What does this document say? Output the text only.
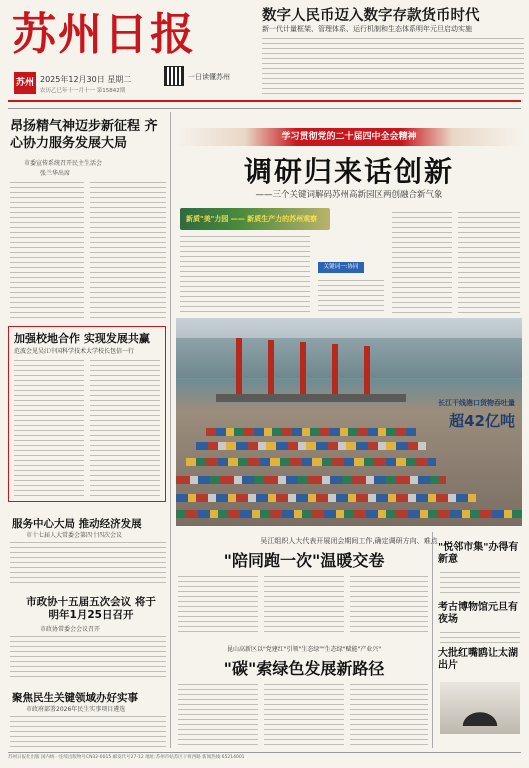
苏州日报
苏州 2025年12月30日 星期二
农历乙巳年十一月十一 第15842期
一日读懂苏州
数字人民币迈入数字存款货币时代
新一代计量框架、管理体系、运行机制和生态体系明年元旦启动实施
昂扬精气神迈步新征程 齐心协力服务发展大局
市委宣传系统召开民主生活会
张兰华出席
加强校地合作 实现发展共赢
范波会见吴江中国科学技术大学校长包信一行
服务中心大局 推动经济发展
市十七届人大常委会第四十四次会议
市政协十五届五次会议 将于明年1月25日召开
市政协常委会会议召开
聚焦民生关键领域办好实事
市政府部署2026年民生实事项目遴选
学习贯彻党的二十届四中全会精神
调研归来话创新
——三个关键词解码苏州高新园区两创融合新气象
新质"美"力园 —— 新质生产力的苏州观察
关键词一:协同
长江干线港口货物吞吐量
超42亿吨
吴江组织人大代表开展闭会期间工作,确定调研方向、难点
"陪同跑一次"温暖交卷
昆山高新区以"党建红"引领"生态绿""生态绿"赋能"产业兴"
"碳"索绿色发展新路径
"悦邻市集"办得有新意
考古博物馆元旦有夜场
大批红嘴鸥让太湖出片
苏州日报社出版 国内统一连续出版物号CN32-0015 邮发代号27-12 地址:苏州市姑苏区干将西路 新闻热线:65214001
